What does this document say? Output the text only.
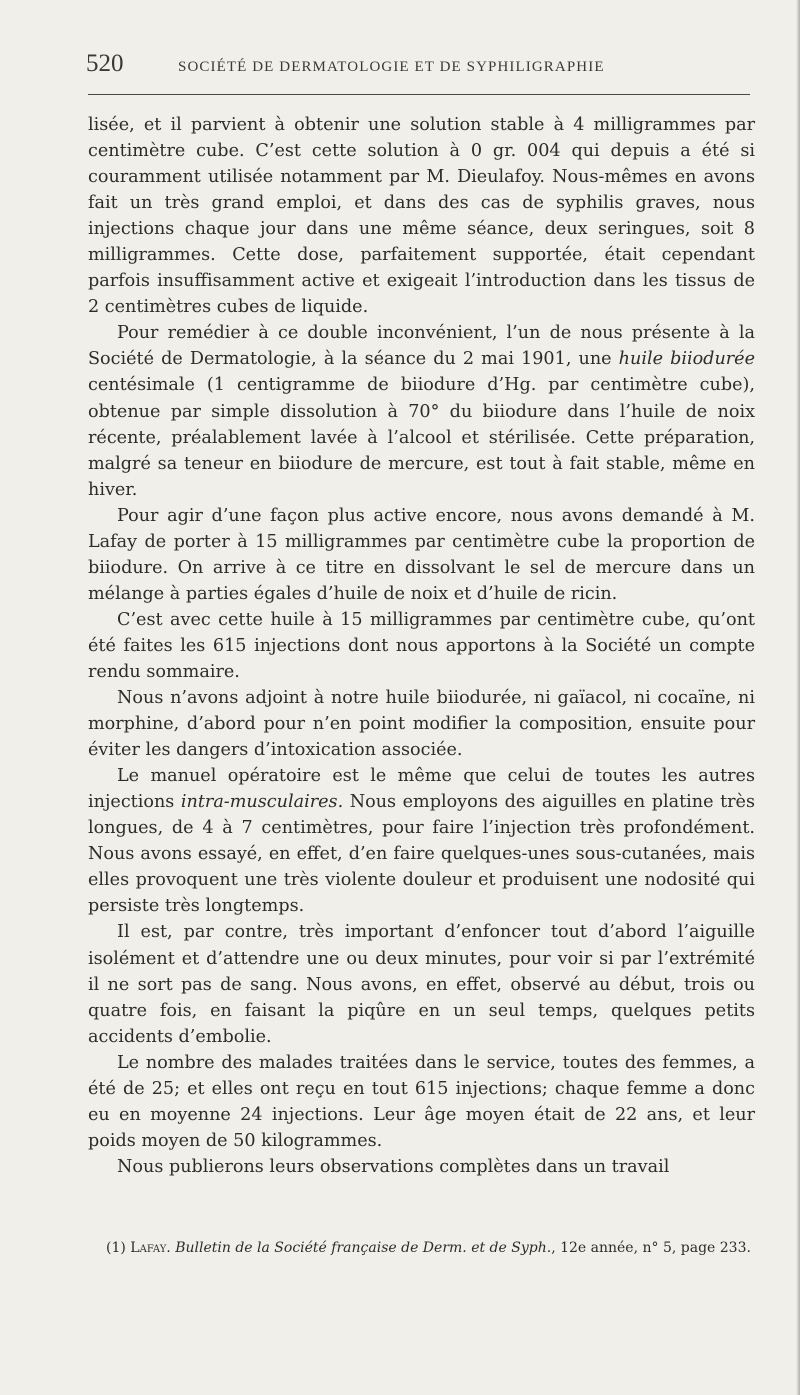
520	SOCIÉTÉ DE DERMATOLOGIE ET DE SYPHILIGRAPHIE

lisée, et il parvient à obtenir une solution stable à 4 milligrammes par centimètre cube. C’est cette solution à 0 gr. 004 qui depuis a été si couramment utilisée notamment par M. Dieulafoy. Nous-mêmes en avons fait un très grand emploi, et dans des cas de syphilis graves, nous injections chaque jour dans une même séance, deux seringues, soit 8 milligrammes. Cette dose, parfaitement supportée, était cependant parfois insuffisamment active et exigeait l’introduction dans les tissus de 2 centimètres cubes de liquide.

Pour remédier à ce double inconvénient, l’un de nous présente à la Société de Dermatologie, à la séance du 2 mai 1901, une huile biiodurée centésimale (1 centigramme de biiodure d’Hg. par centimètre cube), obtenue par simple dissolution à 70° du biiodure dans l’huile de noix récente, préalablement lavée à l’alcool et stérilisée. Cette préparation, malgré sa teneur en biiodure de mercure, est tout à fait stable, même en hiver.

Pour agir d’une façon plus active encore, nous avons demandé à M. Lafay de porter à 15 milligrammes par centimètre cube la proportion de biiodure. On arrive à ce titre en dissolvant le sel de mercure dans un mélange à parties égales d’huile de noix et d’huile de ricin.

C’est avec cette huile à 15 milligrammes par centimètre cube, qu’ont été faites les 615 injections dont nous apportons à la Société un compte rendu sommaire.

Nous n’avons adjoint à notre huile biiodurée, ni gaïacol, ni cocaïne, ni morphine, d’abord pour n’en point modifier la composition, ensuite pour éviter les dangers d’intoxication associée.

Le manuel opératoire est le même que celui de toutes les autres injections intra-musculaires. Nous employons des aiguilles en platine très longues, de 4 à 7 centimètres, pour faire l’injection très profondément. Nous avons essayé, en effet, d’en faire quelques-unes sous-cutanées, mais elles provoquent une très violente douleur et produisent une nodosité qui persiste très longtemps.

Il est, par contre, très important d’enfoncer tout d’abord l’aiguille isolément et d’attendre une ou deux minutes, pour voir si par l’extrémité il ne sort pas de sang. Nous avons, en effet, observé au début, trois ou quatre fois, en faisant la piqûre en un seul temps, quelques petits accidents d’embolie.

Le nombre des malades traitées dans le service, toutes des femmes, a été de 25; et elles ont reçu en tout 615 injections; chaque femme a donc eu en moyenne 24 injections. Leur âge moyen était de 22 ans, et leur poids moyen de 50 kilogrammes.

Nous publierons leurs observations complètes dans un travail

(1) Lafay. Bulletin de la Société française de Derm. et de Syph., 12e année, n° 5, page 233.
